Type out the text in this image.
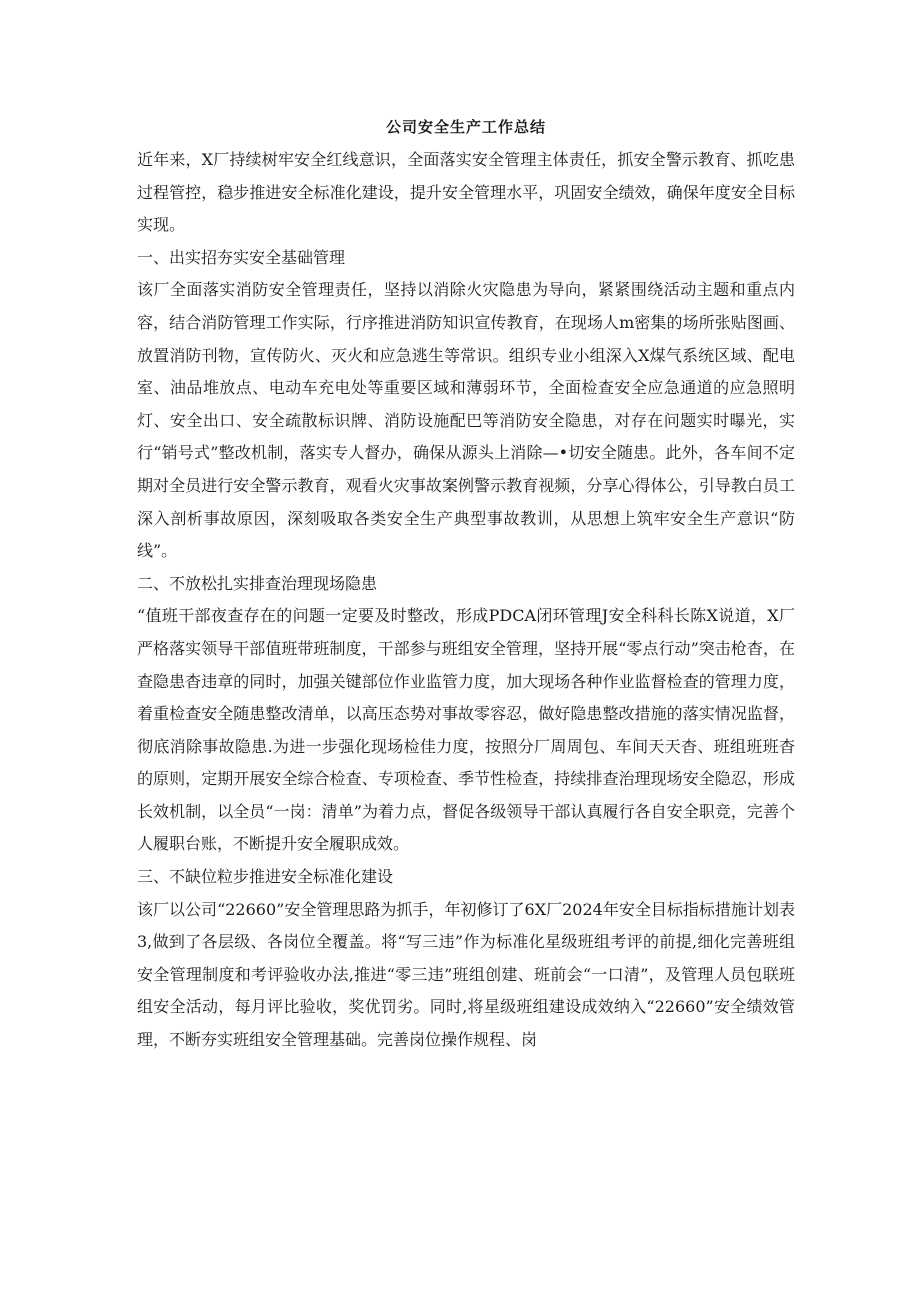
公司安全生产工作总结

近年来，X厂持续树牢安全红线意识，全面落实安全管理主体责任，抓安全警示教育、抓吃患过程管控，稳步推进安全标准化建设，提升安全管理水平，巩固安全绩效，确保年度安全目标实现。

一、出实招夯实安全基础管理

该厂全面落实消防安全管理责任，坚持以消除火灾隐患为导向，紧紧围绕活动主题和重点内容，结合消防管理工作实际，行序推进消防知识宣传教育，在现场人m密集的场所张贴图画、放置消防刊物，宣传防火、灭火和应急逃生等常识。组织专业小组深入X煤气系统区域、配电室、油品堆放点、电动车充电处等重要区域和薄弱环节，全面检查安全应急通道的应急照明灯、安全出口、安全疏散标识牌、消防设施配巴等消防安全隐患，对存在问题实时曝光，实行“销号式”整改机制，落实专人督办，确保从源头上消除—•切安全随患。此外，各车间不定期对全员进行安全警示教育，观看火灾事故案例警示教育视频，分享心得体公，引导教白员工深入剖析事故原因，深刻吸取各类安全生产典型事故教训，从思想上筑牢安全生产意识“防线”。

二、不放松扎实排查治理现场隐患

“值班干部夜查存在的问题一定要及时整改，形成PDCA闭环管理J安全科科长陈X说道，X厂严格落实领导干部值班带班制度，干部参与班组安全管理，坚持开展“零点行动”突击枪杳，在查隐患杳违章的同时，加强关键部位作业监管力度，加大现场各种作业监督检查的管理力度，着重检查安全随患整改清单，以高压态势对事故零容忍，做好隐患整改措施的落实情况监督，彻底消除事故隐患.为进一步强化现场检佳力度，按照分厂周周包、车间天天杳、班组班班杳的原则，定期开展安全综合检查、专项检查、季节性检查，持续排查治理现场安全隐忍，形成长效机制，以全员“一岗：清单”为着力点，督促各级领导干部认真履行各自安全职竞，完善个人履职台账，不断提升安全履职成效。

三、不缺位粒步推进安全标准化建设

该厂以公司“22660”安全管理思路为抓手，年初修订了6X厂2024年安全目标指标措施计划表3,做到了各层级、各岗位全覆盖。将“写三违”作为标准化星级班组考评的前提,细化完善班组安全管理制度和考评验收办法,推进“零三违”班组创建、班前会“一口清”，及管理人员包联班组安全活动，每月评比验收，奖优罚劣。同时,将星级班组建设成效纳入“22660”安全绩效管理，不断夯实班组安全管理基础。完善岗位操作规程、岗
